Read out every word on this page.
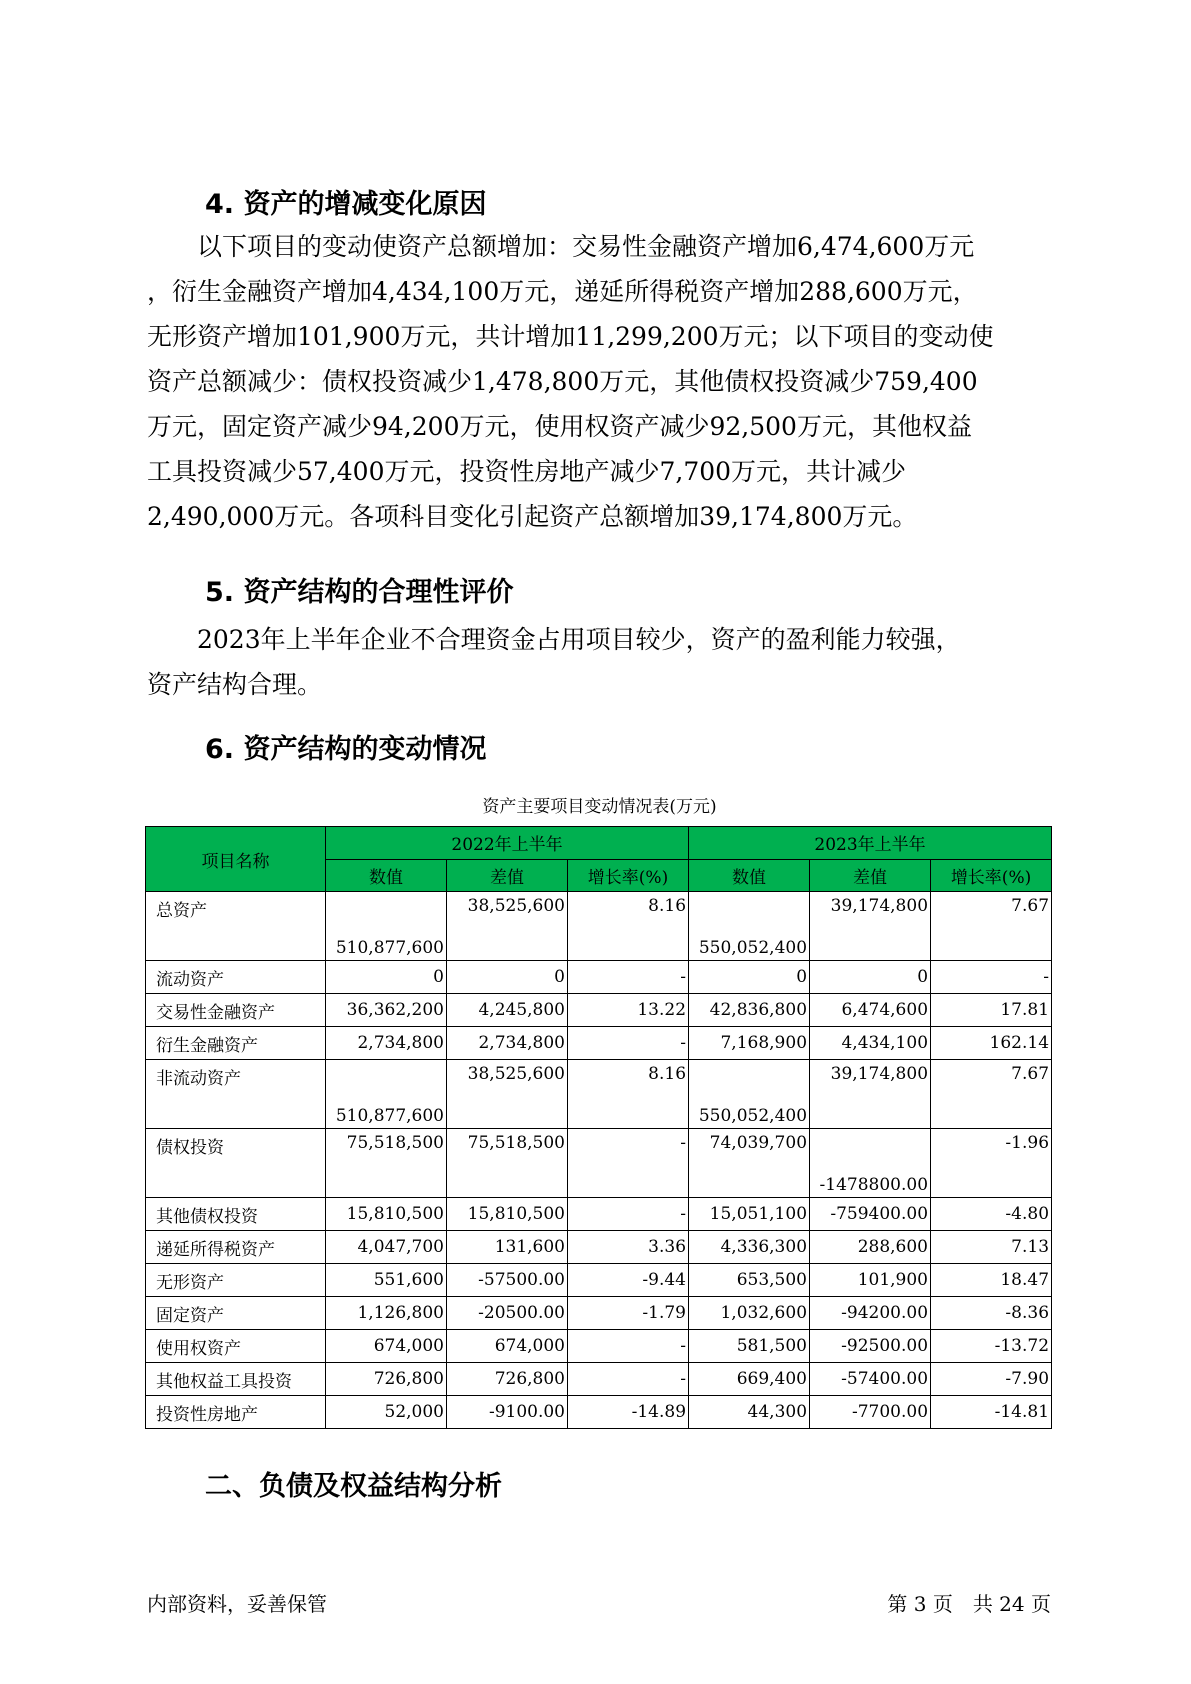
4. 资产的增减变化原因

以下项目的变动使资产总额增加：交易性金融资产增加6,474,600万元
，衍生金融资产增加4,434,100万元，递延所得税资产增加288,600万元，
无形资产增加101,900万元，共计增加11,299,200万元；以下项目的变动使
资产总额减少：债权投资减少1,478,800万元，其他债权投资减少759,400
万元，固定资产减少94,200万元，使用权资产减少92,500万元，其他权益
工具投资减少57,400万元，投资性房地产减少7,700万元，共计减少
2,490,000万元。各项科目变化引起资产总额增加39,174,800万元。

5. 资产结构的合理性评价

2023年上半年企业不合理资金占用项目较少，资产的盈利能力较强，
资产结构合理。

6. 资产结构的变动情况

资产主要项目变动情况表(万元)

项目名称	2022年上半年			2023年上半年		
	数值	差值	增长率(%)	数值	差值	增长率(%)
总资产	510,877,600	38,525,600	8.16	550,052,400	39,174,800	7.67
流动资产	0	0	-	0	0	-
交易性金融资产	36,362,200	4,245,800	13.22	42,836,800	6,474,600	17.81
衍生金融资产	2,734,800	2,734,800	-	7,168,900	4,434,100	162.14
非流动资产	510,877,600	38,525,600	8.16	550,052,400	39,174,800	7.67
债权投资	75,518,500	75,518,500	-	74,039,700	-1478800.00	-1.96
其他债权投资	15,810,500	15,810,500	-	15,051,100	-759400.00	-4.80
递延所得税资产	4,047,700	131,600	3.36	4,336,300	288,600	7.13
无形资产	551,600	-57500.00	-9.44	653,500	101,900	18.47
固定资产	1,126,800	-20500.00	-1.79	1,032,600	-94200.00	-8.36
使用权资产	674,000	674,000	-	581,500	-92500.00	-13.72
其他权益工具投资	726,800	726,800	-	669,400	-57400.00	-7.90
投资性房地产	52,000	-9100.00	-14.89	44,300	-7700.00	-14.81
二、负债及权益结构分析

内部资料，妥善保管	第 3 页　共 24 页
